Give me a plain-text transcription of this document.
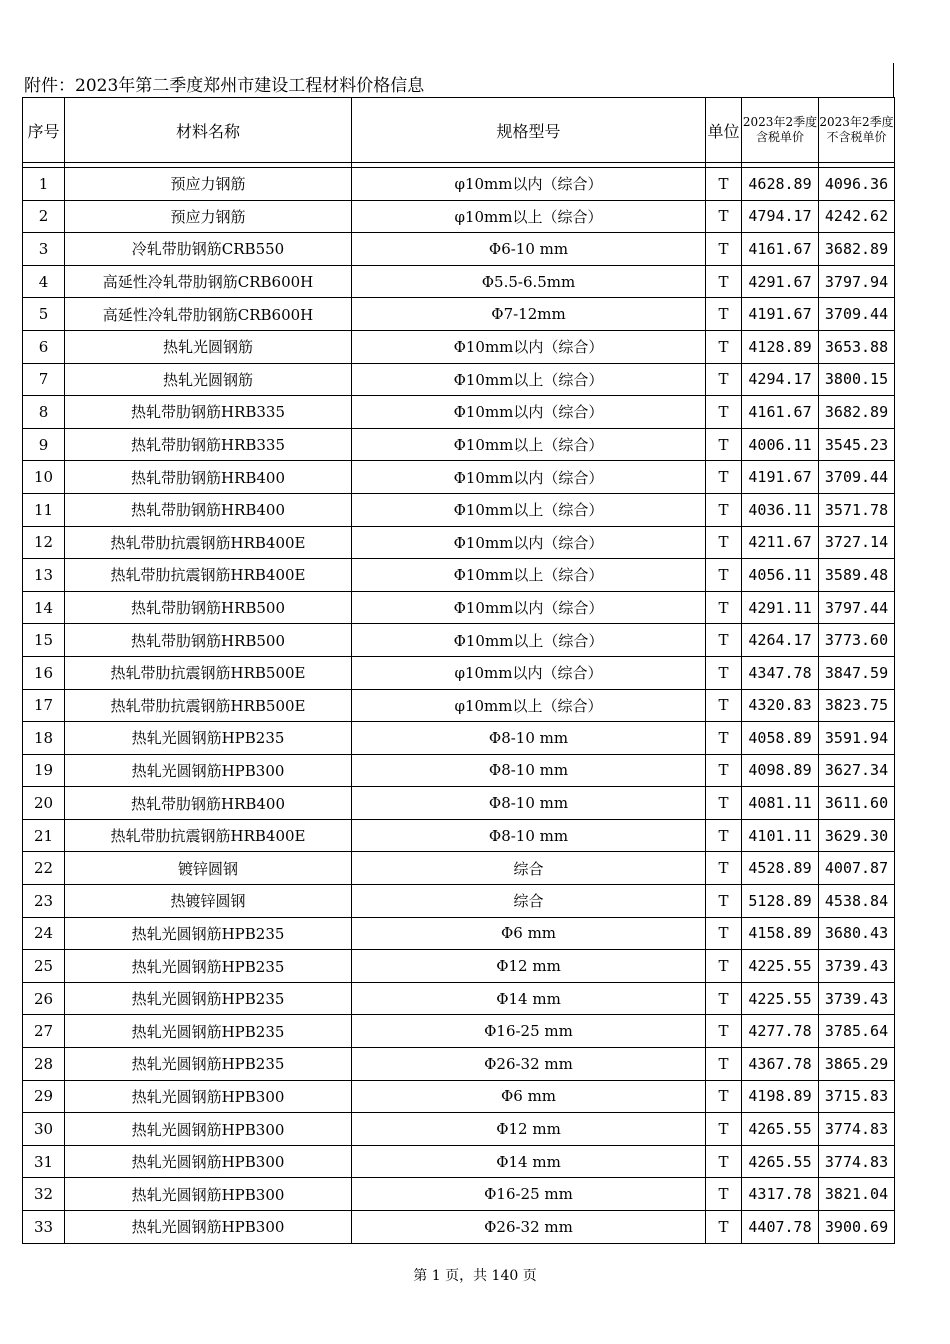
附件：2023年第二季度郑州市建设工程材料价格信息
序号	材料名称	规格型号	单位	2023年2季度　含税单价	2023年2季度　不含税单价

1	预应力钢筋	φ10mm以内（综合）	T	4628.89	4096.36
2	预应力钢筋	φ10mm以上（综合）	T	4794.17	4242.62
3	冷轧带肋钢筋CRB550	Φ6-10 mm	T	4161.67	3682.89
4	高延性冷轧带肋钢筋CRB600H	Φ5.5-6.5mm	T	4291.67	3797.94
5	高延性冷轧带肋钢筋CRB600H	Φ7-12mm	T	4191.67	3709.44
6	热轧光圆钢筋	Φ10mm以内（综合）	T	4128.89	3653.88
7	热轧光圆钢筋	Φ10mm以上（综合）	T	4294.17	3800.15
8	热轧带肋钢筋HRB335	Φ10mm以内（综合）	T	4161.67	3682.89
9	热轧带肋钢筋HRB335	Φ10mm以上（综合）	T	4006.11	3545.23
10	热轧带肋钢筋HRB400	Φ10mm以内（综合）	T	4191.67	3709.44
11	热轧带肋钢筋HRB400	Φ10mm以上（综合）	T	4036.11	3571.78
12	热轧带肋抗震钢筋HRB400E	Φ10mm以内（综合）	T	4211.67	3727.14
13	热轧带肋抗震钢筋HRB400E	Φ10mm以上（综合）	T	4056.11	3589.48
14	热轧带肋钢筋HRB500	Φ10mm以内（综合）	T	4291.11	3797.44
15	热轧带肋钢筋HRB500	Φ10mm以上（综合）	T	4264.17	3773.60
16	热轧带肋抗震钢筋HRB500E	φ10mm以内（综合）	T	4347.78	3847.59
17	热轧带肋抗震钢筋HRB500E	φ10mm以上（综合）	T	4320.83	3823.75
18	热轧光圆钢筋HPB235	Φ8-10 mm	T	4058.89	3591.94
19	热轧光圆钢筋HPB300	Φ8-10 mm	T	4098.89	3627.34
20	热轧带肋钢筋HRB400	Φ8-10 mm	T	4081.11	3611.60
21	热轧带肋抗震钢筋HRB400E	Φ8-10 mm	T	4101.11	3629.30
22	镀锌圆钢	综合	T	4528.89	4007.87
23	热镀锌圆钢	综合	T	5128.89	4538.84
24	热轧光圆钢筋HPB235	Φ6 mm	T	4158.89	3680.43
25	热轧光圆钢筋HPB235	Φ12 mm	T	4225.55	3739.43
26	热轧光圆钢筋HPB235	Φ14 mm	T	4225.55	3739.43
27	热轧光圆钢筋HPB235	Φ16-25 mm	T	4277.78	3785.64
28	热轧光圆钢筋HPB235	Φ26-32 mm	T	4367.78	3865.29
29	热轧光圆钢筋HPB300	Φ6 mm	T	4198.89	3715.83
30	热轧光圆钢筋HPB300	Φ12 mm	T	4265.55	3774.83
31	热轧光圆钢筋HPB300	Φ14 mm	T	4265.55	3774.83
32	热轧光圆钢筋HPB300	Φ16-25 mm	T	4317.78	3821.04
33	热轧光圆钢筋HPB300	Φ26-32 mm	T	4407.78	3900.69
第 1 页，共 140 页
